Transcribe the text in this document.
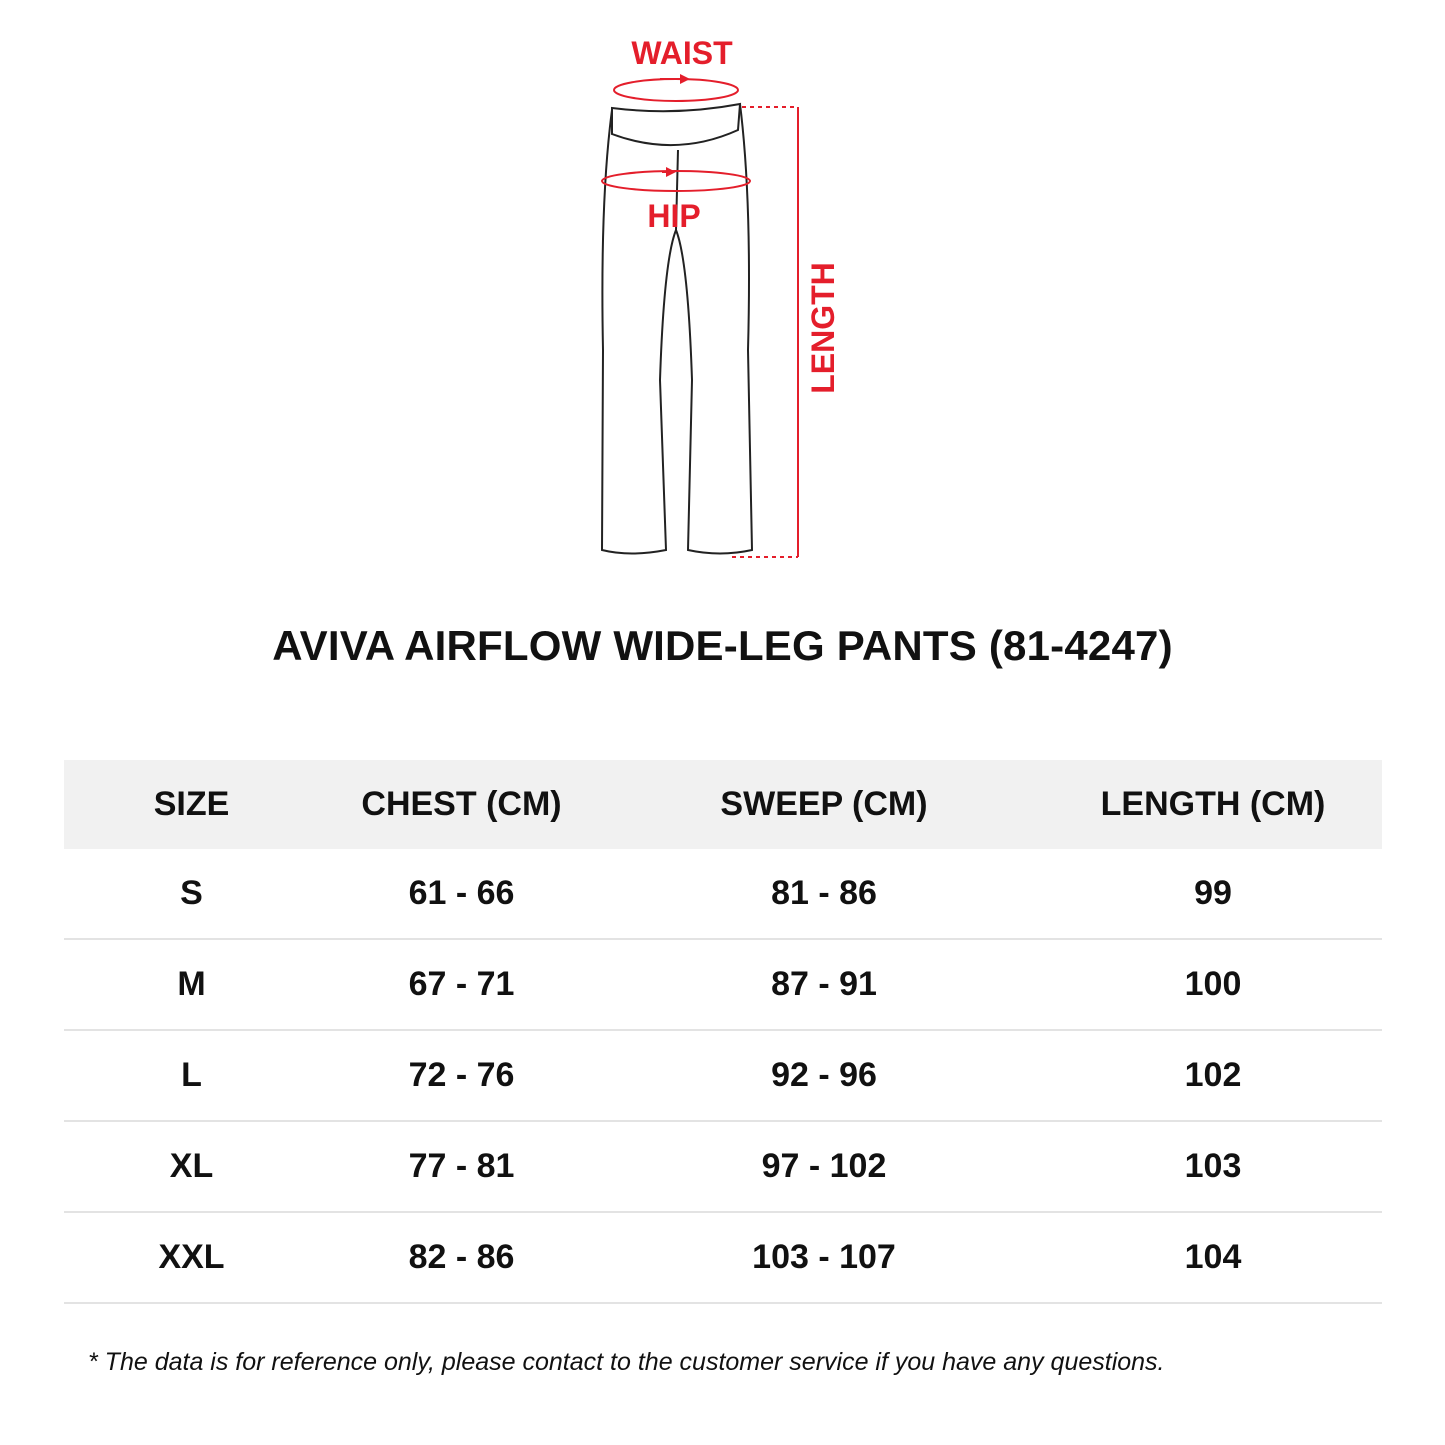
WAIST
HIP
LENGTH
AVIVA AIRFLOW WIDE-LEG PANTS (81-4247)
SIZE	CHEST (CM)	SWEEP (CM)	LENGTH (CM)
S	61 - 66	81 - 86	99
M	67 - 71	87 - 91	100
L	72 - 76	92 - 96	102
XL	77 - 81	97 - 102	103
XXL	82 - 86	103 - 107	104
* The data is for reference only, please contact to the customer service if you have any questions.
